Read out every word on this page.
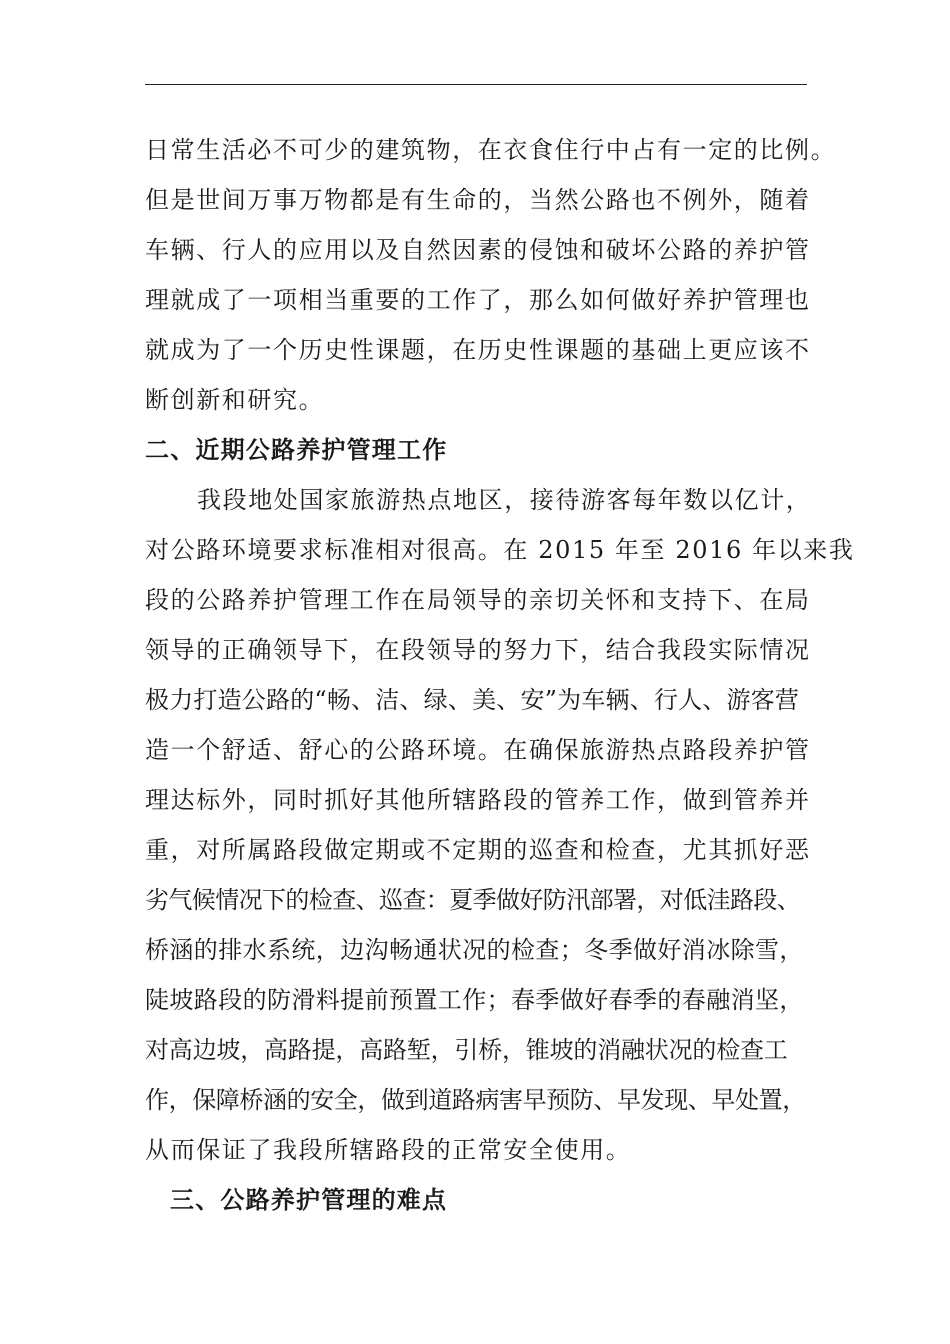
日常生活必不可少的建筑物，在衣食住行中占有一定的比例。
但是世间万事万物都是有生命的，当然公路也不例外，随着
车辆、行人的应用以及自然因素的侵蚀和破坏公路的养护管
理就成了一项相当重要的工作了，那么如何做好养护管理也
就成为了一个历史性课题，在历史性课题的基础上更应该不
断创新和研究。
二、近期公路养护管理工作
我段地处国家旅游热点地区，接待游客每年数以亿计，
对公路环境要求标准相对很高。在 2015 年至 2016 年以来我
段的公路养护管理工作在局领导的亲切关怀和支持下、在局
领导的正确领导下，在段领导的努力下，结合我段实际情况
极力打造公路的“畅、洁、绿、美、安”为车辆、行人、游客营
造一个舒适、舒心的公路环境。在确保旅游热点路段养护管
理达标外，同时抓好其他所辖路段的管养工作，做到管养并
重，对所属路段做定期或不定期的巡查和检查，尤其抓好恶
劣气候情况下的检查、巡查：夏季做好防汛部署，对低洼路段、
桥涵的排水系统，边沟畅通状况的检查；冬季做好消冰除雪，
陡坡路段的防滑料提前预置工作；春季做好春季的春融消坚，
对高边坡，高路提，高路堑，引桥，锥坡的消融状况的检查工
作，保障桥涵的安全，做到道路病害早预防、早发现、早处置，
从而保证了我段所辖路段的正常安全使用。
三、公路养护管理的难点
